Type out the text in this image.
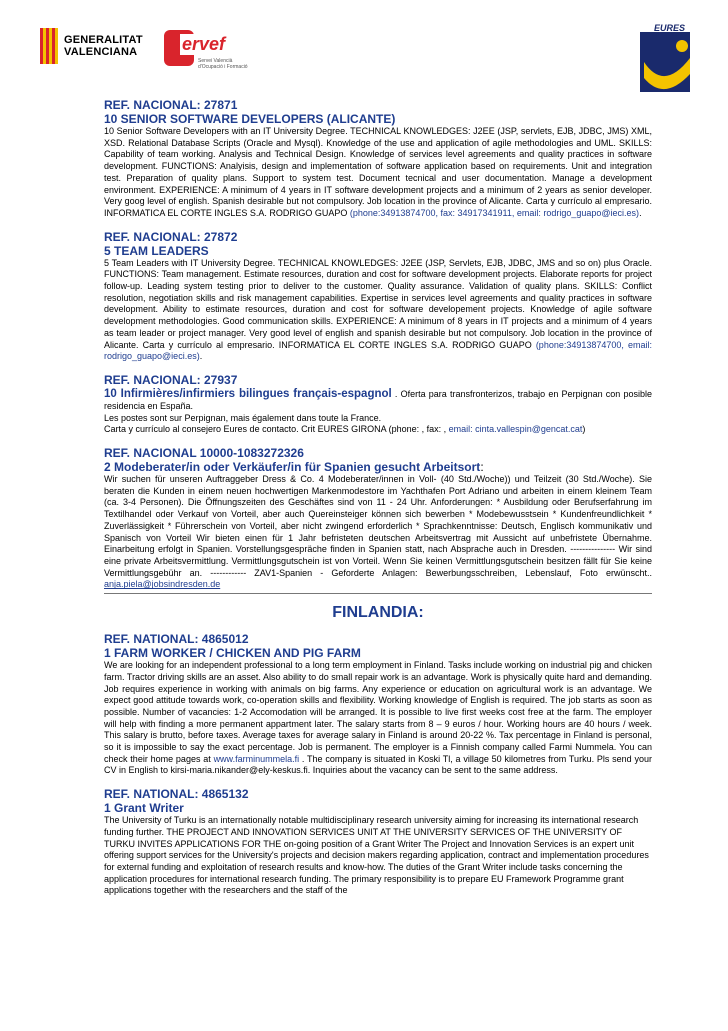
GENERALITAT
VALENCIANA	ervef
Servei Valencià d'Ocupació i Formació
EURES
REF. NACIONAL: 27871
10 SENIOR SOFTWARE DEVELOPERS (ALICANTE)
10 Senior Software Developers with an IT University Degree. TECHNICAL KNOWLEDGES: J2EE (JSP, servlets, EJB, JDBC, JMS) XML, XSD. Relational Database Scripts (Oracle and Mysql). Knowledge of the use and application of agile methodologies and UML. SKILLS: Capability of team working. Analysis and Technical Design. Knowledge of services level agreements and quality practices in software development. FUNCTIONS: Analyisis, design and implementation of software application based on requirements. Unit and integration test. Preparation of quality plans. Support to system test. Document tecnical and user documentation. Manage a development environment. EXPERIENCE: A minimum of 4 years in IT software development projects and a minimum of 2 years as senior developer. Very goog level of english. Spanish desirable but not compulsory. Job location in the province of Alicante. Carta y currículo al empresario. INFORMATICA EL CORTE INGLES S.A. RODRIGO GUAPO (phone:34913874700, fax: 34917341911, email: rodrigo_guapo@ieci.es).
REF. NACIONAL: 27872
5 TEAM LEADERS
5 Team Leaders with IT University Degree. TECHNICAL KNOWLEDGES: J2EE (JSP, Servlets, EJB, JDBC, JMS and so on) plus Oracle. FUNCTIONS: Team management. Estimate resources, duration and cost for software development projects. Elaborate reports for project follow-up. Leading system testing prior to deliver to the customer. Quality assurance. Validation of quality plans. SKILLS: Conflict resolution, negotiation skills and risk management capabilities. Expertise in services level agreements and quality practices in software development. Ability to estimate resources, duration and cost for software developement projects. Knowledge of agile software development methodologies. Good communication skills. EXPERIENCE: A minimum of 8 years in IT projects and a minimum of 4 years as team leader or project manager. Very good level of english and spanish desirable but not compulsory. Job location in the province of Alicante. Carta y currículo al empresario. INFORMATICA EL CORTE INGLES S.A. RODRIGO GUAPO (phone:34913874700, email: rodrigo_guapo@ieci.es).
REF. NACIONAL: 27937
10 Infirmières/infirmiers bilingues français-espagnol . Oferta para transfronterizos, trabajo en Perpignan con posible residencia en España.
Les postes sont sur Perpignan, mais également dans toute la France.
Carta y currículo al consejero Eures de contacto. Crit EURES GIRONA (phone: , fax: , email: cinta.vallespin@gencat.cat)
REF. NACIONAL 10000-1083272326
2 Modeberater/in oder Verkäufer/in für Spanien gesucht Arbeitsort:
Wir suchen für unseren Auftraggeber Dress & Co. 4 Modeberater/innen in Voll- (40 Std./Woche)) und Teilzeit (30 Std./Woche). Sie beraten die Kunden in einem neuen hochwertigen Markenmodestore im Yachthafen Port Adriano und arbeiten in einem kleinem Team (ca. 3-4 Personen). Die Öffnungszeiten des Geschäftes sind von 11 - 24 Uhr. Anforderungen: * Ausbildung oder Berufserfahrung im Textilhandel oder Verkauf von Vorteil, aber auch Quereinsteiger können sich bewerben * Modebewusstsein * Kundenfreundlichkeit * Zuverlässigkeit * Führerschein von Vorteil, aber nicht zwingend erforderlich * Sprachkenntnisse: Deutsch, Englisch kommunikativ und Spanisch von Vorteil Wir bieten einen für 1 Jahr befristeten deutschen Arbeitsvertrag mit Aussicht auf unbefristete Übernahme. Einarbeitung erfolgt in Spanien. Vorstellungsgespräche finden in Spanien statt, nach Absprache auch in Dresden. --------------- Wir sind eine private Arbeitsvermittlung. Vermittlungsgutschein ist von Vorteil. Wenn Sie keinen Vermittlungsgutschein besitzen fällt für Sie keine Vermittlungsgebühr an. ------------ ZAV1-Spanien - Geforderte Anlagen: Bewerbungsschreiben, Lebenslauf, Foto erwünscht.. anja.piela@jobsindresden.de
FINLANDIA:
REF. NATIONAL: 4865012
1 FARM WORKER / CHICKEN AND PIG FARM
We are looking for an independent professional to a long term employment in Finland. Tasks include working on industrial pig and chicken farm. Tractor driving skills are an asset. Also ability to do small repair work is an advantage. Work is physically quite hard and demanding. Job requires experience in working with animals on big farms. Any experience or education on agricultural work is an advantage. We expect good attitude towards work, co-operation skills and flexibility. Working knowledge of English is required. The job starts as soon as possible. Number of vacancies: 1-2 Accomodation will be arranged. It is possible to live first weeks cost free at the farm. The employer will help with finding a more permanent appartment later. The salary starts from 8 – 9 euros / hour. Working hours are 40 hours / week. This salary is brutto, before taxes. Average taxes for average salary in Finland is around 20-22 %. Tax percentage in Finland is personal, so it is impossible to say the exact percentage. Job is permanent. The employer is a Finnish company called Farmi Nummela. You can check their home pages at www.farminummela.fi . The company is situated in Koski Tl, a village 50 kilometres from Turku. Pls send your CV in English to kirsi-maria.nikander@ely-keskus.fi. Inquiries about the vacancy can be sent to the same address.
REF. NATIONAL: 4865132
1 Grant Writer
The University of Turku is an internationally notable multidisciplinary research university aiming for increasing its international research funding further. THE PROJECT AND INNOVATION SERVICES UNIT AT THE UNIVERSITY SERVICES OF THE UNIVERSITY OF TURKU INVITES APPLICATIONS FOR THE on-going position of a Grant Writer The Project and Innovation Services is an expert unit offering support services for the University's projects and decision makers regarding application, contract and implementation procedures for external funding and exploitation of research results and know-how. The duties of the Grant Writer include tasks concerning the application procedures for international research funding. The primary responsibility is to prepare EU Framework Programme grant applications together with the researchers and the staff of the
